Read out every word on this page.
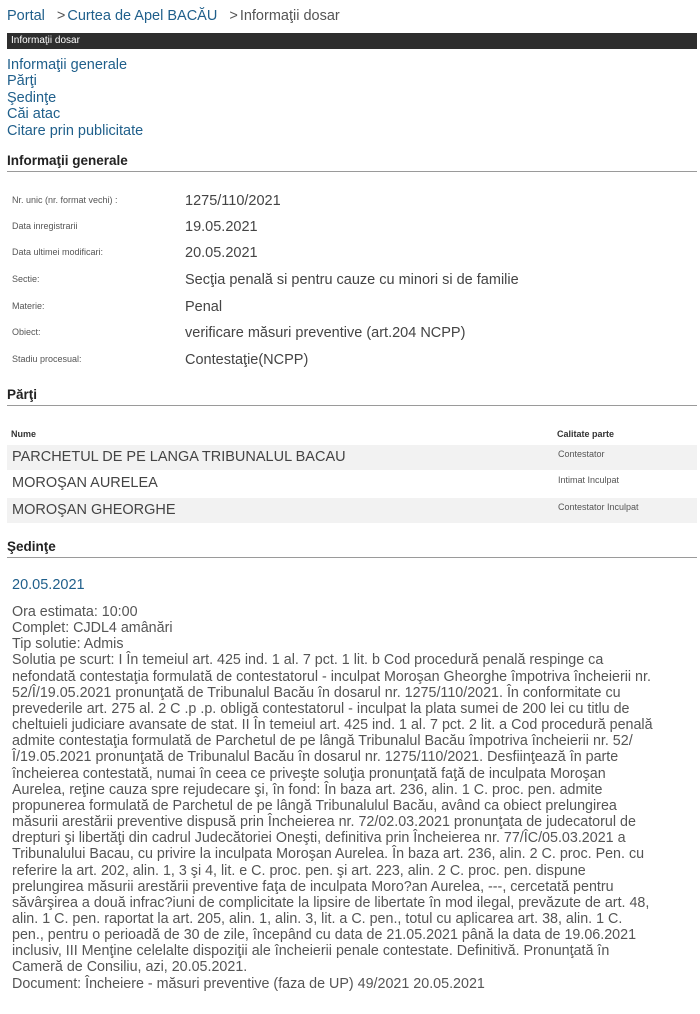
Portal > Curtea de Apel BACĂU > Informaţii dosar
Informaţii dosar
Informaţii generale
Părţi
Şedinţe
Căi atac
Citare prin publicitate
Informaţii generale
Nr. unic (nr. format vechi) :	1275/110/2021
Data inregistrarii	19.05.2021
Data ultimei modificari:	20.05.2021
Sectie:	Secţia penală si pentru cauze cu minori si de familie
Materie:	Penal
Obiect:	verificare măsuri preventive (art.204 NCPP)
Stadiu procesual:	Contestaţie(NCPP)
Părţi
Nume	Calitate parte
PARCHETUL DE PE LANGA TRIBUNALUL BACAU	Contestator
MOROŞAN AURELEA	Intimat Inculpat
MOROŞAN GHEORGHE	Contestator Inculpat
Şedinţe
20.05.2021
Ora estimata: 10:00
Complet: CJDL4 amânări
Tip solutie: Admis
Solutia pe scurt: I În temeiul art. 425 ind. 1 al. 7 pct. 1 lit. b Cod procedură penală respinge ca
nefondată contestaţia formulată de contestatorul - inculpat Moroşan Gheorghe împotriva încheierii nr.
52/Î/19.05.2021 pronunţată de Tribunalul Bacău în dosarul nr. 1275/110/2021. În conformitate cu
prevederile art. 275 al. 2 C .p .p. obligă contestatorul - inculpat la plata sumei de 200 lei cu titlu de
cheltuieli judiciare avansate de stat. II În temeiul art. 425 ind. 1 al. 7 pct. 2 lit. a Cod procedură penală
admite contestaţia formulată de Parchetul de pe lângă Tribunalul Bacău împotriva încheierii nr. 52/
Î/19.05.2021 pronunţată de Tribunalul Bacău în dosarul nr. 1275/110/2021. Desfiinţează în parte
încheierea contestată, numai în ceea ce priveşte soluţia pronunţată faţă de inculpata Moroşan
Aurelea, reţine cauza spre rejudecare şi, în fond: În baza art. 236, alin. 1 C. proc. pen. admite
propunerea formulată de Parchetul de pe lângă Tribunalulul Bacău, având ca obiect prelungirea
măsurii arestării preventive dispusă prin Încheierea nr. 72/02.03.2021 pronunţata de judecatorul de
drepturi şi libertăţi din cadrul Judecătoriei Oneşti, definitiva prin Încheierea nr. 77/ÎC/05.03.2021 a
Tribunalului Bacau, cu privire la inculpata Moroşan Aurelea. În baza art. 236, alin. 2 C. proc. Pen. cu
referire la art. 202, alin. 1, 3 şi 4, lit. e C. proc. pen. şi art. 223, alin. 2 C. proc. pen. dispune
prelungirea măsurii arestării preventive faţa de inculpata Moro?an Aurelea, ---, cercetată pentru
săvârşirea a două infrac?iuni de complicitate la lipsire de libertate în mod ilegal, prevăzute de art. 48,
alin. 1 C. pen. raportat la art. 205, alin. 1, alin. 3, lit. a C. pen., totul cu aplicarea art. 38, alin. 1 C.
pen., pentru o perioadă de 30 de zile, începând cu data de 21.05.2021 până la data de 19.06.2021
inclusiv, III Menţine celelalte dispoziţii ale încheierii penale contestate. Definitivă. Pronunţată în
Cameră de Consiliu, azi, 20.05.2021.
Document: Încheiere - măsuri preventive (faza de UP) 49/2021 20.05.2021
